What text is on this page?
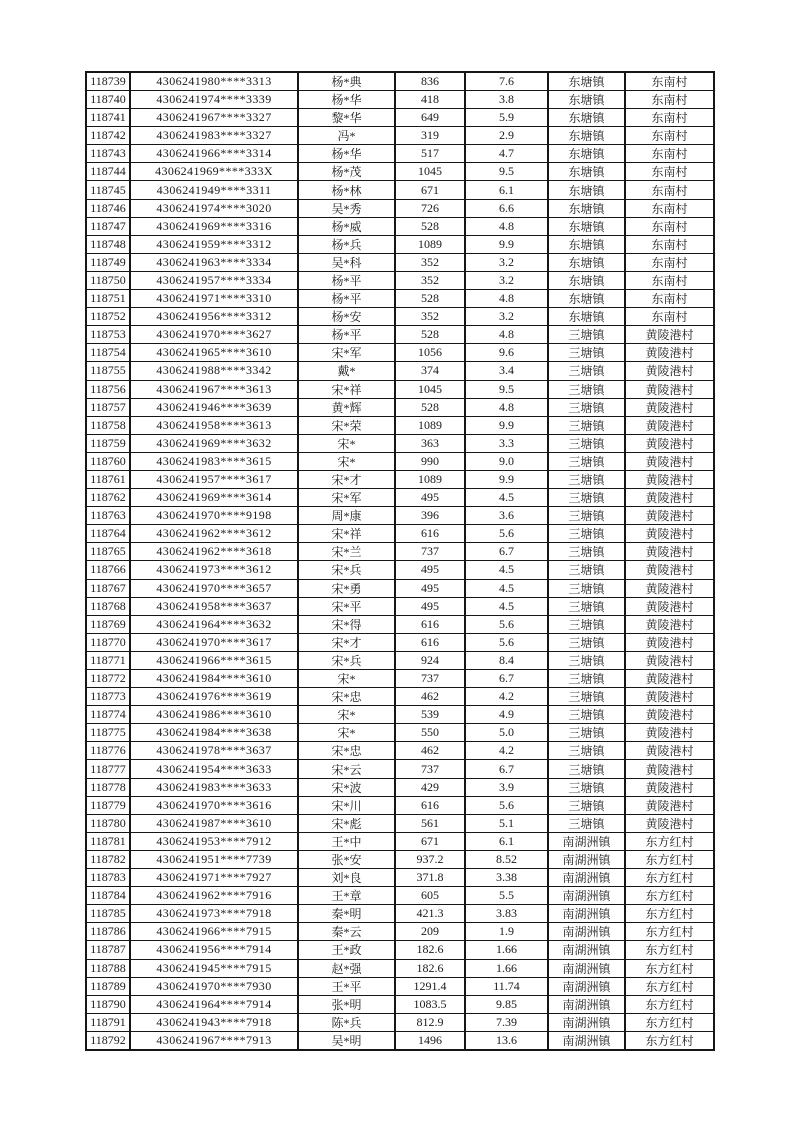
118739	4306241980****3313	杨*典	836	7.6	东塘镇	东南村
118740	4306241974****3339	杨*华	418	3.8	东塘镇	东南村
118741	4306241967****3327	黎*华	649	5.9	东塘镇	东南村
118742	4306241983****3327	冯*	319	2.9	东塘镇	东南村
118743	4306241966****3314	杨*华	517	4.7	东塘镇	东南村
118744	4306241969****333X	杨*茂	1045	9.5	东塘镇	东南村
118745	4306241949****3311	杨*林	671	6.1	东塘镇	东南村
118746	4306241974****3020	吴*秀	726	6.6	东塘镇	东南村
118747	4306241969****3316	杨*威	528	4.8	东塘镇	东南村
118748	4306241959****3312	杨*兵	1089	9.9	东塘镇	东南村
118749	4306241963****3334	吴*科	352	3.2	东塘镇	东南村
118750	4306241957****3334	杨*平	352	3.2	东塘镇	东南村
118751	4306241971****3310	杨*平	528	4.8	东塘镇	东南村
118752	4306241956****3312	杨*安	352	3.2	东塘镇	东南村
118753	4306241970****3627	杨*平	528	4.8	三塘镇	黄陵港村
118754	4306241965****3610	宋*军	1056	9.6	三塘镇	黄陵港村
118755	4306241988****3342	戴*	374	3.4	三塘镇	黄陵港村
118756	4306241967****3613	宋*祥	1045	9.5	三塘镇	黄陵港村
118757	4306241946****3639	黄*辉	528	4.8	三塘镇	黄陵港村
118758	4306241958****3613	宋*荣	1089	9.9	三塘镇	黄陵港村
118759	4306241969****3632	宋*	363	3.3	三塘镇	黄陵港村
118760	4306241983****3615	宋*	990	9.0	三塘镇	黄陵港村
118761	4306241957****3617	宋*才	1089	9.9	三塘镇	黄陵港村
118762	4306241969****3614	宋*军	495	4.5	三塘镇	黄陵港村
118763	4306241970****9198	周*康	396	3.6	三塘镇	黄陵港村
118764	4306241962****3612	宋*祥	616	5.6	三塘镇	黄陵港村
118765	4306241962****3618	宋*兰	737	6.7	三塘镇	黄陵港村
118766	4306241973****3612	宋*兵	495	4.5	三塘镇	黄陵港村
118767	4306241970****3657	宋*勇	495	4.5	三塘镇	黄陵港村
118768	4306241958****3637	宋*平	495	4.5	三塘镇	黄陵港村
118769	4306241964****3632	宋*得	616	5.6	三塘镇	黄陵港村
118770	4306241970****3617	宋*才	616	5.6	三塘镇	黄陵港村
118771	4306241966****3615	宋*兵	924	8.4	三塘镇	黄陵港村
118772	4306241984****3610	宋*	737	6.7	三塘镇	黄陵港村
118773	4306241976****3619	宋*忠	462	4.2	三塘镇	黄陵港村
118774	4306241986****3610	宋*	539	4.9	三塘镇	黄陵港村
118775	4306241984****3638	宋*	550	5.0	三塘镇	黄陵港村
118776	4306241978****3637	宋*忠	462	4.2	三塘镇	黄陵港村
118777	4306241954****3633	宋*云	737	6.7	三塘镇	黄陵港村
118778	4306241983****3633	宋*波	429	3.9	三塘镇	黄陵港村
118779	4306241970****3616	宋*川	616	5.6	三塘镇	黄陵港村
118780	4306241987****3610	宋*彪	561	5.1	三塘镇	黄陵港村
118781	4306241953****7912	王*中	671	6.1	南湖洲镇	东方红村
118782	4306241951****7739	张*安	937.2	8.52	南湖洲镇	东方红村
118783	4306241971****7927	刘*良	371.8	3.38	南湖洲镇	东方红村
118784	4306241962****7916	王*章	605	5.5	南湖洲镇	东方红村
118785	4306241973****7918	秦*明	421.3	3.83	南湖洲镇	东方红村
118786	4306241966****7915	秦*云	209	1.9	南湖洲镇	东方红村
118787	4306241956****7914	王*政	182.6	1.66	南湖洲镇	东方红村
118788	4306241945****7915	赵*强	182.6	1.66	南湖洲镇	东方红村
118789	4306241970****7930	王*平	1291.4	11.74	南湖洲镇	东方红村
118790	4306241964****7914	张*明	1083.5	9.85	南湖洲镇	东方红村
118791	4306241943****7918	陈*兵	812.9	7.39	南湖洲镇	东方红村
118792	4306241967****7913	吴*明	1496	13.6	南湖洲镇	东方红村
